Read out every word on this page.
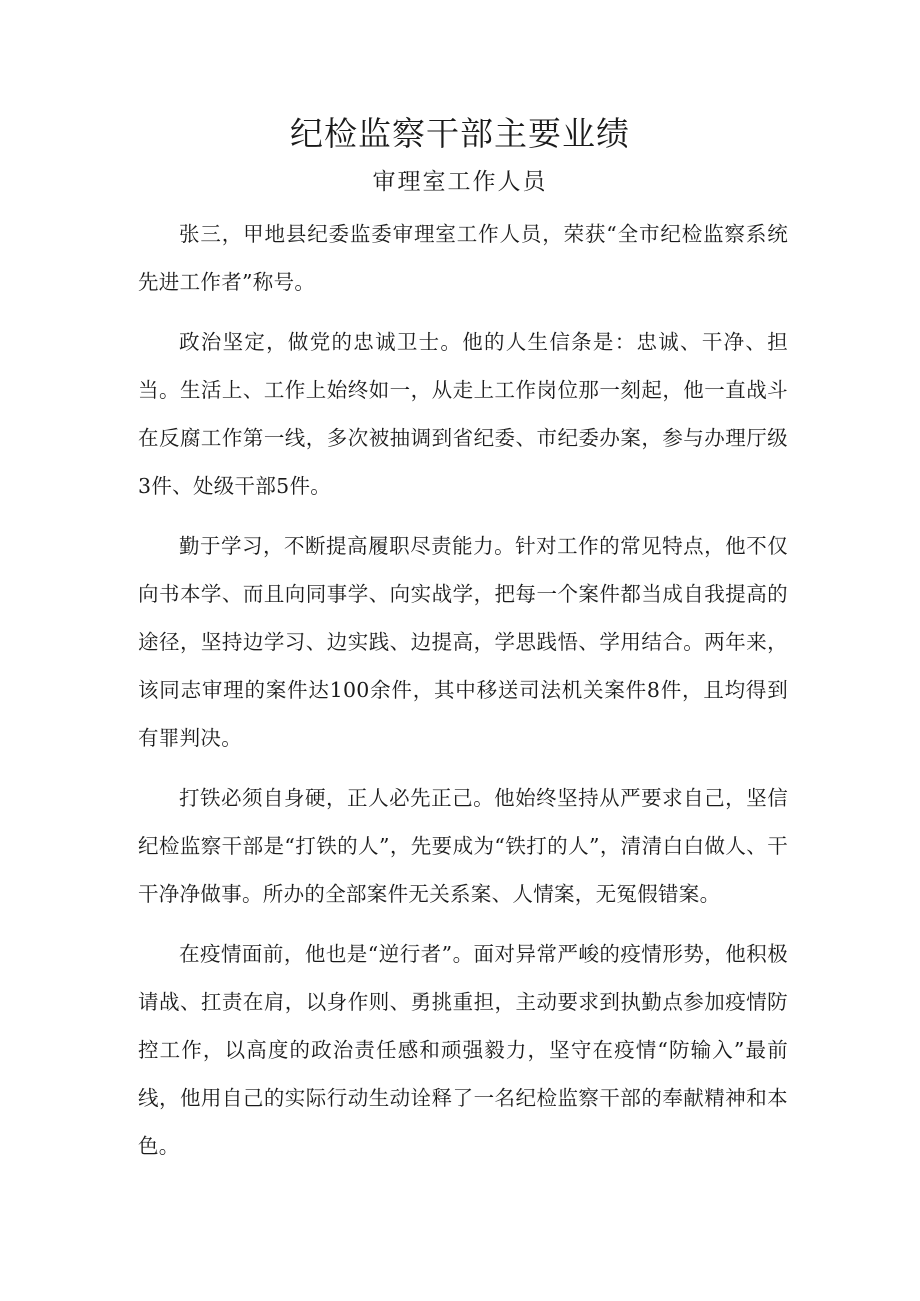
纪检监察干部主要业绩
审理室工作人员

张三，甲地县纪委监委审理室工作人员，荣获“全市纪检监察系统先进工作者”称号。

政治坚定，做党的忠诚卫士。他的人生信条是：忠诚、干净、担当。生活上、工作上始终如一，从走上工作岗位那一刻起，他一直战斗在反腐工作第一线，多次被抽调到省纪委、市纪委办案，参与办理厅级3件、处级干部5件。

勤于学习，不断提高履职尽责能力。针对工作的常见特点，他不仅向书本学、而且向同事学、向实战学，把每一个案件都当成自我提高的途径，坚持边学习、边实践、边提高，学思践悟、学用结合。两年来，该同志审理的案件达100余件，其中移送司法机关案件8件，且均得到有罪判决。

打铁必须自身硬，正人必先正己。他始终坚持从严要求自己，坚信纪检监察干部是“打铁的人”，先要成为“铁打的人”，清清白白做人、干干净净做事。所办的全部案件无关系案、人情案，无冤假错案。

在疫情面前，他也是“逆行者”。面对异常严峻的疫情形势，他积极请战、扛责在肩，以身作则、勇挑重担，主动要求到执勤点参加疫情防控工作，以高度的政治责任感和顽强毅力，坚守在疫情“防输入”最前线，他用自己的实际行动生动诠释了一名纪检监察干部的奉献精神和本色。
